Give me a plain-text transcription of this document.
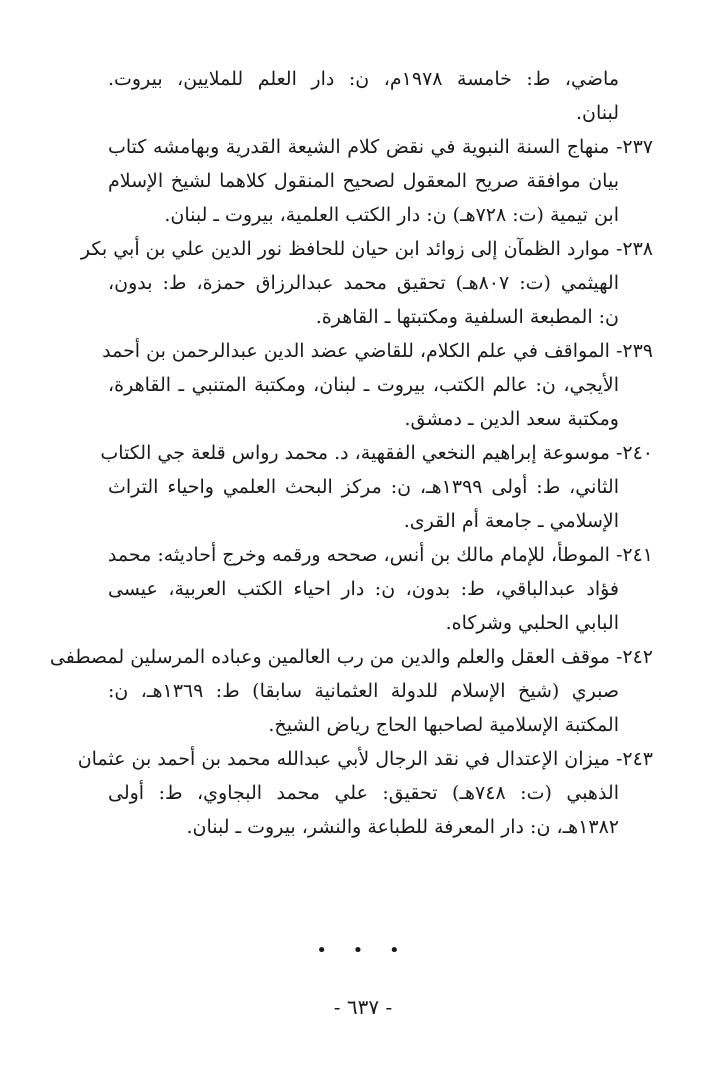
ماضي، ط: خامسة ١٩٧٨م، ن: دار العلم للملايين، بيروت.
لبنان.
٢٣٧- منهاج السنة النبوية في نقض كلام الشيعة القدرية وبهامشه كتاب
بيان موافقة صريح المعقول لصحيح المنقول كلاهما لشيخ الإسلام
ابن تيمية (ت: ٧٢٨هـ) ن: دار الكتب العلمية، بيروت ـ لبنان.
٢٣٨- موارد الظمآن إلى زوائد ابن حيان للحافظ نور الدين علي بن أبي بكر
الهيثمي (ت: ٨٠٧هـ) تحقيق محمد عبدالرزاق حمزة، ط: بدون،
ن: المطبعة السلفية ومكتبتها ـ القاهرة.
٢٣٩- المواقف في علم الكلام، للقاضي عضد الدين عبدالرحمن بن أحمد
الأيجي، ن: عالم الكتب، بيروت ـ لبنان، ومكتبة المتنبي ـ القاهرة،
ومكتبة سعد الدين ـ دمشق.
٢٤٠- موسوعة إبراهيم النخعي الفقهية، د. محمد رواس قلعة جي الكتاب
الثاني، ط: أولى ١٣٩٩هـ، ن: مركز البحث العلمي واحياء التراث
الإسلامي ـ جامعة أم القرى.
٢٤١- الموطأ، للإمام مالك بن أنس، صححه ورقمه وخرج أحاديثه: محمد
فؤاد عبدالباقي، ط: بدون، ن: دار احياء الكتب العربية، عيسى
البابي الحلبي وشركاه.
٢٤٢- موقف العقل والعلم والدين من رب العالمين وعباده المرسلين لمصطفى
صبري (شيخ الإسلام للدولة العثمانية سابقا) ط: ١٣٦٩هـ، ن:
المكتبة الإسلامية لصاحبها الحاج رياض الشيخ.
٢٤٣- ميزان الإعتدال في نقد الرجال لأبي عبدالله محمد بن أحمد بن عثمان
الذهبي (ت: ٧٤٨هـ) تحقيق: علي محمد البجاوي، ط: أولى
١٣٨٢هـ، ن: دار المعرفة للطباعة والنشر، بيروت ـ لبنان.
• • •
- ٦٣٧ -
